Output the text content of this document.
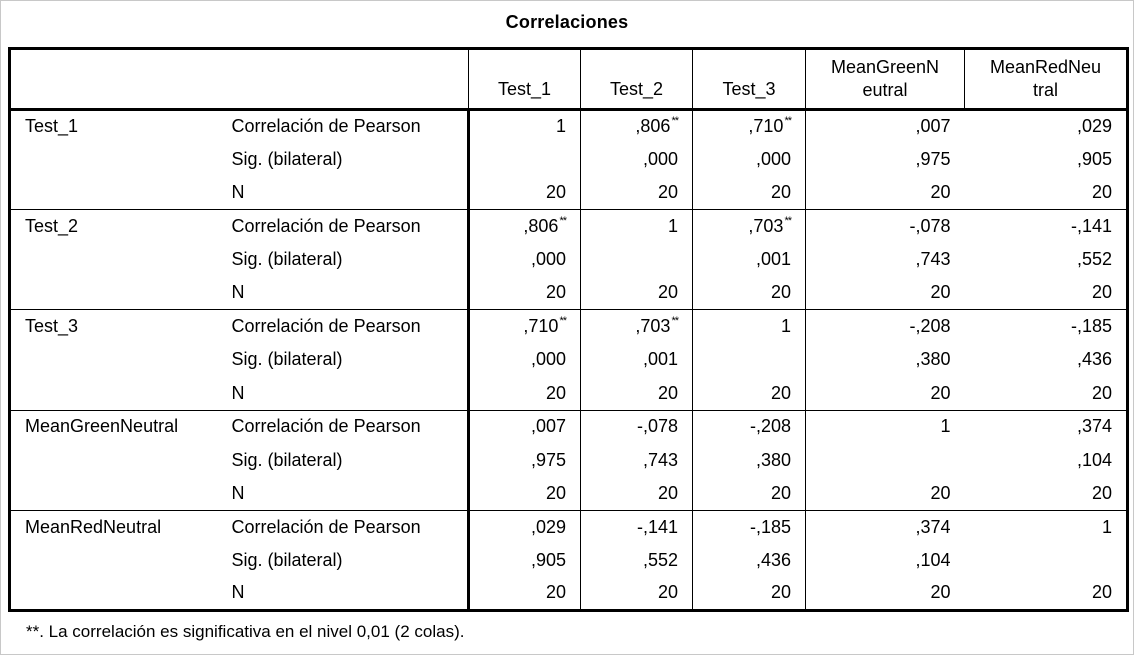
Correlaciones
		Test_1	Test_2	Test_3	MeanGreenN eutral	MeanRedNeu tral
Test_1	Correlación de Pearson	1	,806**	,710**	,007	,029
	Sig. (bilateral)		,000	,000	,975	,905
	N	20	20	20	20	20
Test_2	Correlación de Pearson	,806**	1	,703**	-,078	-,141
	Sig. (bilateral)	,000		,001	,743	,552
	N	20	20	20	20	20
Test_3	Correlación de Pearson	,710**	,703**	1	-,208	-,185
	Sig. (bilateral)	,000	,001		,380	,436
	N	20	20	20	20	20
MeanGreenNeutral	Correlación de Pearson	,007	-,078	-,208	1	,374
	Sig. (bilateral)	,975	,743	,380		,104
	N	20	20	20	20	20
MeanRedNeutral	Correlación de Pearson	,029	-,141	-,185	,374	1
	Sig. (bilateral)	,905	,552	,436	,104	
	N	20	20	20	20	20
**. La correlación es significativa en el nivel 0,01 (2 colas).
